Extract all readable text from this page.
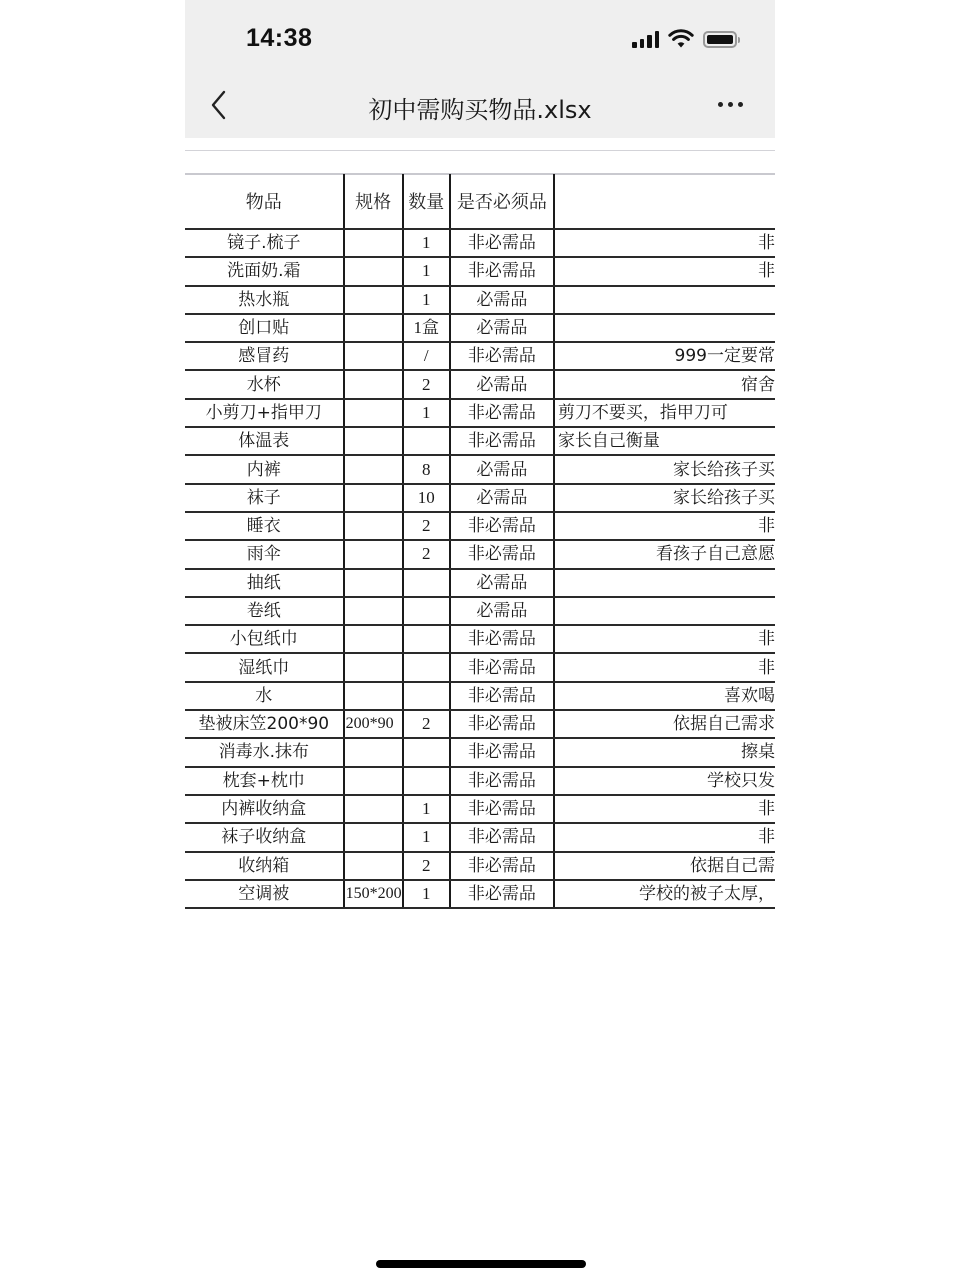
14:38
初中需购买物品.xlsx
物品	规格	数量	是否必须品	
镜子.梳子		1	非必需品	非
洗面奶.霜		1	非必需品	非
热水瓶		1	必需品	
创口贴		1盒	必需品	
感冒药		/	非必需品	999一定要常
水杯		2	必需品	宿舍
小剪刀+指甲刀		1	非必需品	剪刀不要买，指甲刀可
体温表			非必需品	家长自己衡量
内裤		8	必需品	家长给孩子买
袜子		10	必需品	家长给孩子买
睡衣		2	非必需品	非
雨伞		2	非必需品	看孩子自己意愿
抽纸			必需品	
卷纸			必需品	
小包纸巾			非必需品	非
湿纸巾			非必需品	非
水			非必需品	喜欢喝
垫被床笠200*90	200*90	2	非必需品	依据自己需求
消毒水.抹布			非必需品	擦桌
枕套+枕巾			非必需品	学校只发
内裤收纳盒		1	非必需品	非
袜子收纳盒		1	非必需品	非
收纳箱		2	非必需品	依据自己需
空调被	150*200	1	非必需品	学校的被子太厚，
